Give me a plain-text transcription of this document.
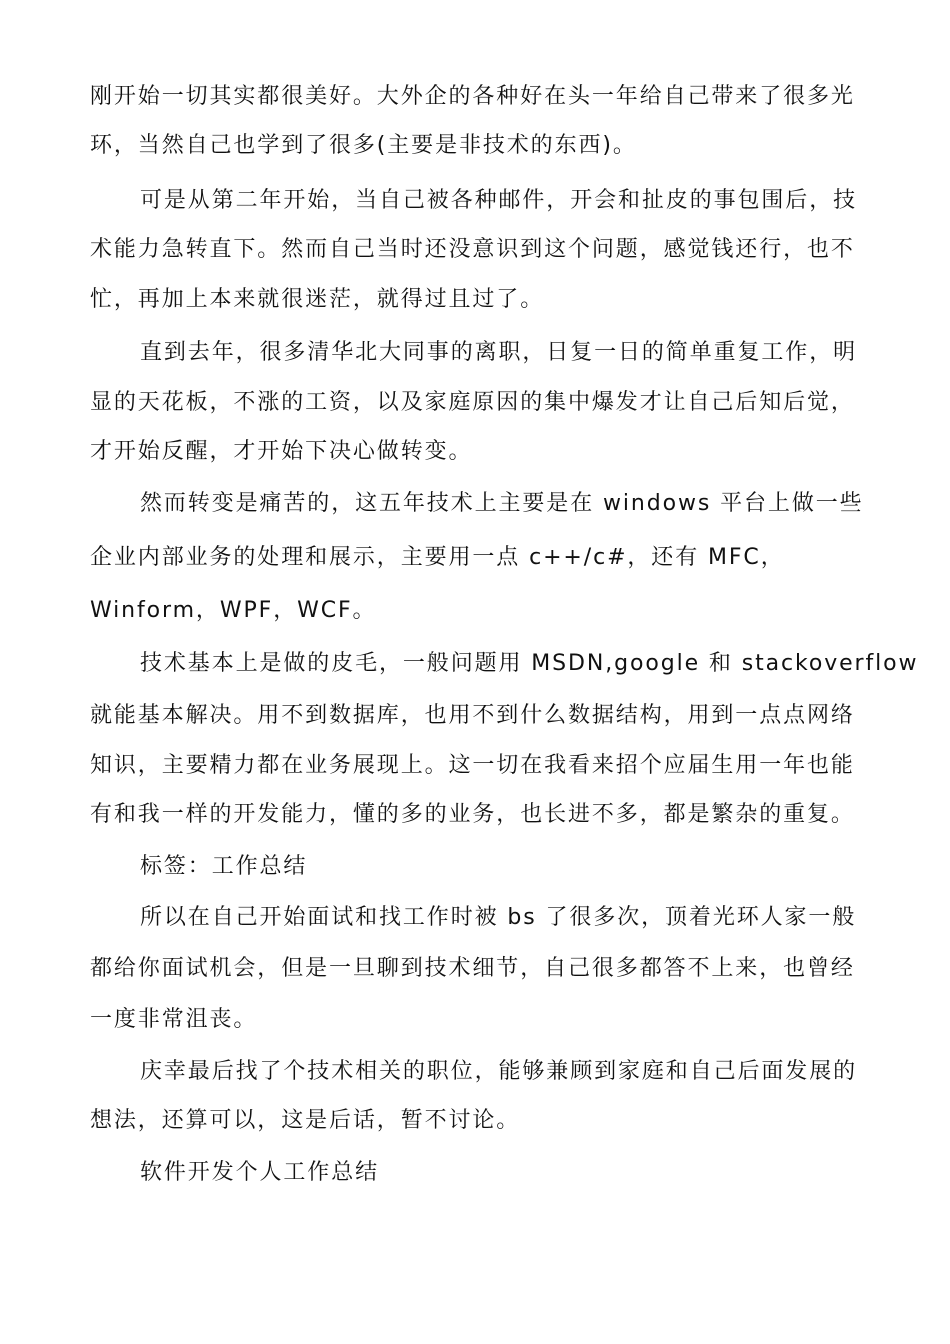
刚开始一切其实都很美好。大外企的各种好在头一年给自己带来了很多光
环，当然自己也学到了很多(主要是非技术的东西)。
可是从第二年开始，当自己被各种邮件，开会和扯皮的事包围后，技
术能力急转直下。然而自己当时还没意识到这个问题，感觉钱还行，也不
忙，再加上本来就很迷茫，就得过且过了。
直到去年，很多清华北大同事的离职，日复一日的简单重复工作，明
显的天花板，不涨的工资，以及家庭原因的集中爆发才让自己后知后觉，
才开始反醒，才开始下决心做转变。
然而转变是痛苦的，这五年技术上主要是在 windows 平台上做一些
企业内部业务的处理和展示，主要用一点 c++/c#，还有 MFC，
Winform，WPF，WCF。
技术基本上是做的皮毛，一般问题用 MSDN,google 和 stackoverflow
就能基本解决。用不到数据库，也用不到什么数据结构，用到一点点网络
知识，主要精力都在业务展现上。这一切在我看来招个应届生用一年也能
有和我一样的开发能力，懂的多的业务，也长进不多，都是繁杂的重复。
标签：工作总结
所以在自己开始面试和找工作时被 bs 了很多次，顶着光环人家一般
都给你面试机会，但是一旦聊到技术细节，自己很多都答不上来，也曾经
一度非常沮丧。
庆幸最后找了个技术相关的职位，能够兼顾到家庭和自己后面发展的
想法，还算可以，这是后话，暂不讨论。
软件开发个人工作总结
